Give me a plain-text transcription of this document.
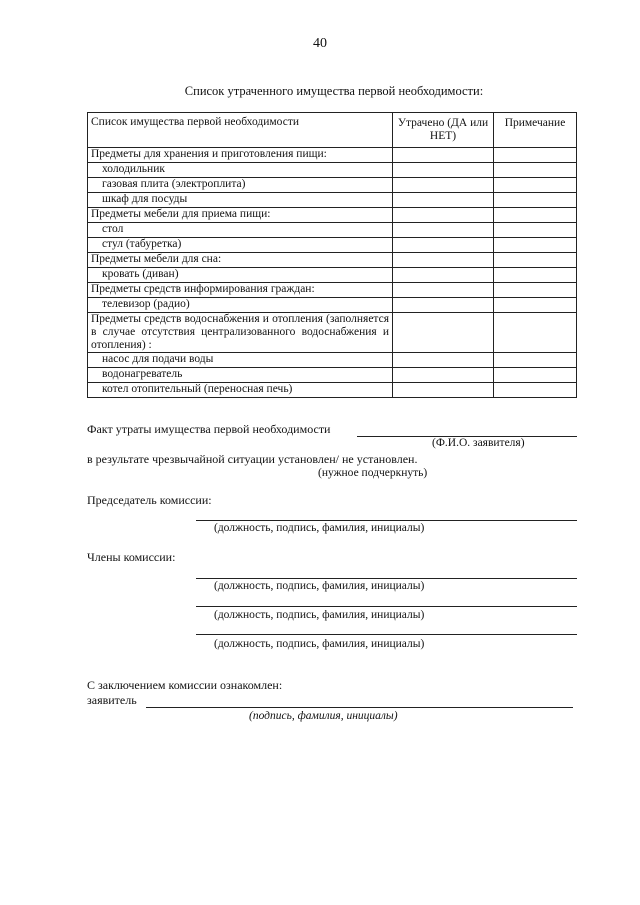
40
Список утраченного имущества первой необходимости:
Список имущества первой необходимости	Утрачено (ДА или НЕТ)	Примечание
Предметы для хранения и приготовления пищи:		
холодильник		
газовая плита (электроплита)		
шкаф для посуды		
Предметы мебели для приема пищи:		
стол		
стул (табуретка)		
Предметы мебели для сна:		
кровать (диван)		
Предметы средств информирования граждан:		
телевизор (радио)		
Предметы средств водоснабжения и отопления (заполняется в случае отсутствия централизованного водоснабжения и отопления) :		
насос для подачи воды		
водонагреватель		
котел отопительный (переносная печь)		
Факт утраты имущества первой необходимости
(Ф.И.О. заявителя)
в результате чрезвычайной ситуации установлен/ не установлен.
(нужное подчеркнуть)
Председатель комиссии:
(должность, подпись, фамилия, инициалы)
Члены комиссии:
(должность, подпись, фамилия, инициалы)
(должность, подпись, фамилия, инициалы)
(должность, подпись, фамилия, инициалы)
С заключением комиссии ознакомлен:
заявитель
(подпись, фамилия, инициалы)
